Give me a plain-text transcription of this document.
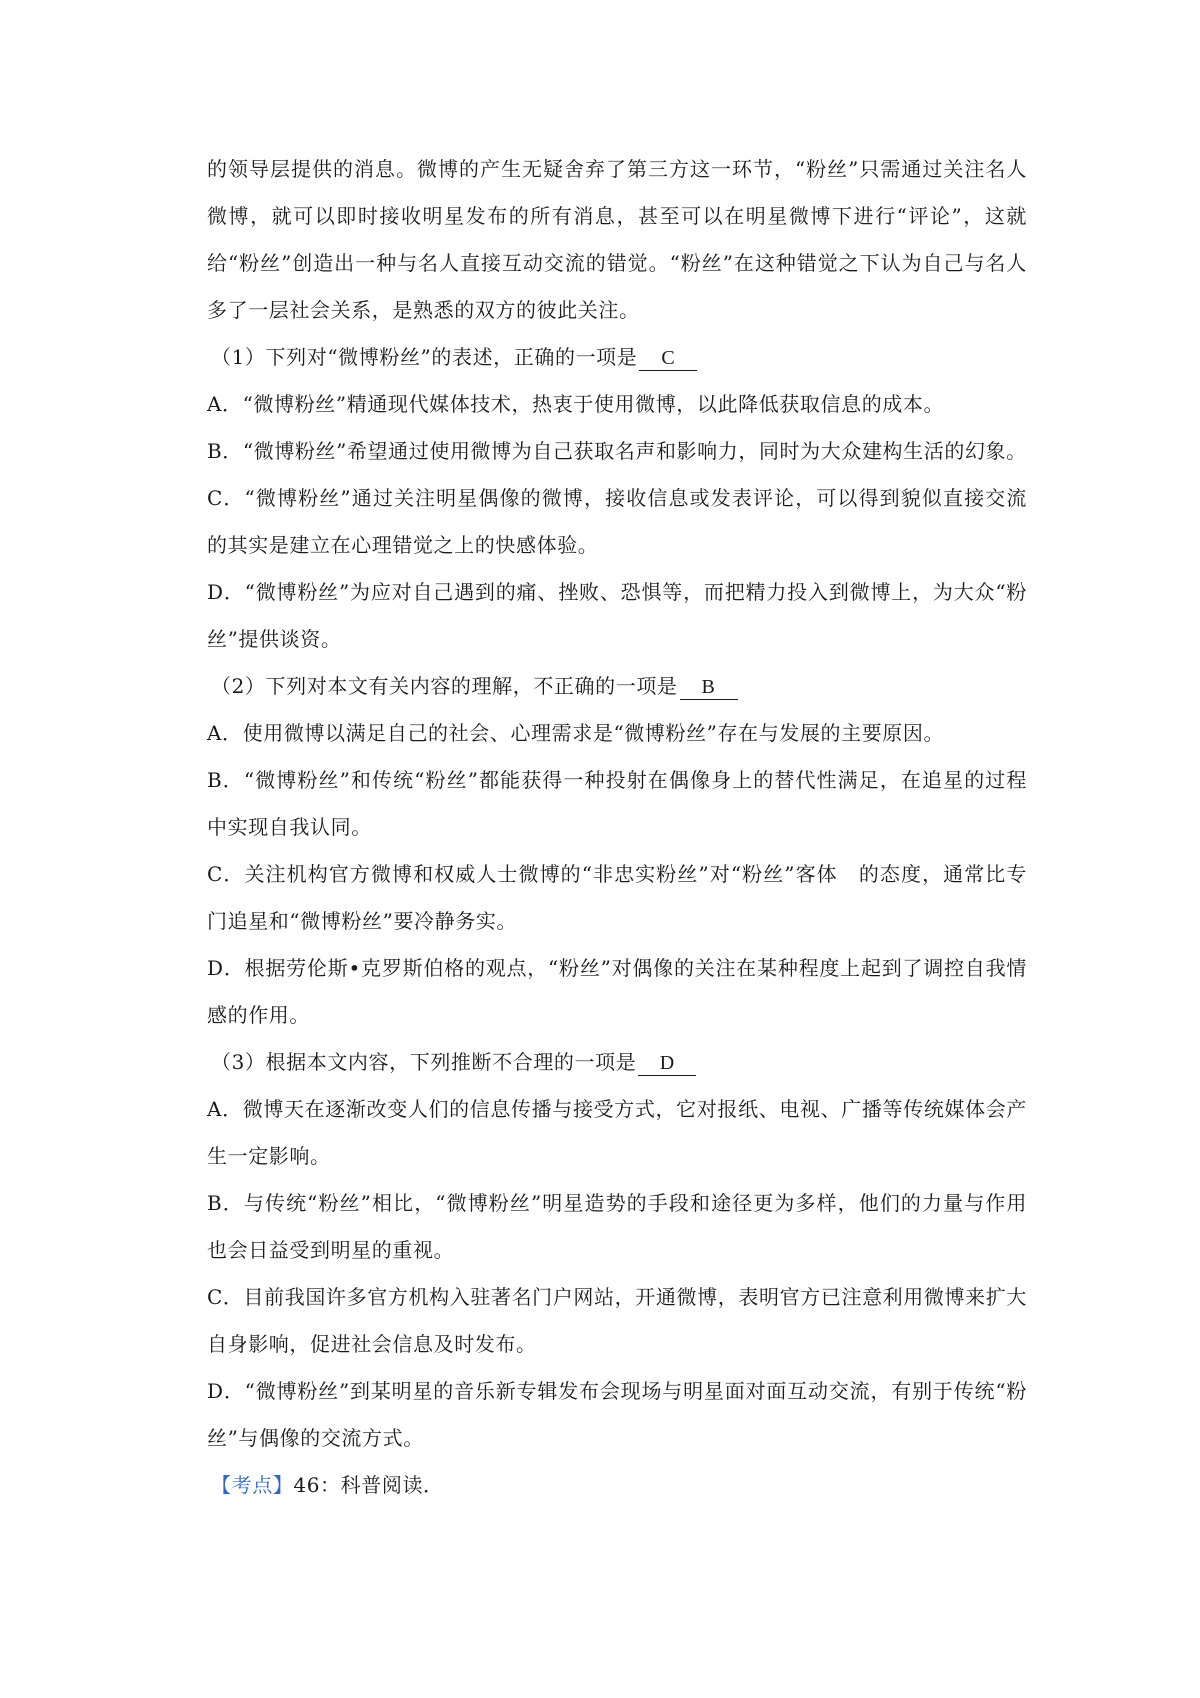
的领导层提供的消息。微博的产生无疑舍弃了第三方这一环节，“粉丝”只需通过关注名人微博，就可以即时接收明星发布的所有消息，甚至可以在明星微博下进行“评论”，这就给“粉丝”创造出一种与名人直接互动交流的错觉。“粉丝”在这种错觉之下认为自己与名人多了一层社会关系，是熟悉的双方的彼此关注。

（1）下列对“微博粉丝”的表述，正确的一项是 C

A．“微博粉丝”精通现代媒体技术，热衷于使用微博，以此降低获取信息的成本。

B．“微博粉丝”希望通过使用微博为自己获取名声和影响力，同时为大众建构生活的幻象。

C．“微博粉丝”通过关注明星偶像的微博，接收信息或发表评论，可以得到貌似直接交流的其实是建立在心理错觉之上的快感体验。

D．“微博粉丝”为应对自己遇到的痛、挫败、恐惧等，而把精力投入到微博上，为大众“粉丝”提供谈资。

（2）下列对本文有关内容的理解，不正确的一项是 B

A．使用微博以满足自己的社会、心理需求是“微博粉丝”存在与发展的主要原因。

B．“微博粉丝”和传统“粉丝”都能获得一种投射在偶像身上的替代性满足，在追星的过程中实现自我认同。

C．关注机构官方微博和权威人士微博的“非忠实粉丝”对“粉丝”客体　的态度，通常比专门追星和“微博粉丝”要冷静务实。

D．根据劳伦斯•克罗斯伯格的观点，“粉丝”对偶像的关注在某种程度上起到了调控自我情感的作用。

（3）根据本文内容，下列推断不合理的一项是 D

A．微博天在逐渐改变人们的信息传播与接受方式，它对报纸、电视、广播等传统媒体会产生一定影响。

B．与传统“粉丝”相比，“微博粉丝”明星造势的手段和途径更为多样，他们的力量与作用也会日益受到明星的重视。

C．目前我国许多官方机构入驻著名门户网站，开通微博，表明官方已注意利用微博来扩大自身影响，促进社会信息及时发布。

D．“微博粉丝”到某明星的音乐新专辑发布会现场与明星面对面互动交流，有别于传统“粉丝”与偶像的交流方式。

【考点】46：科普阅读．
